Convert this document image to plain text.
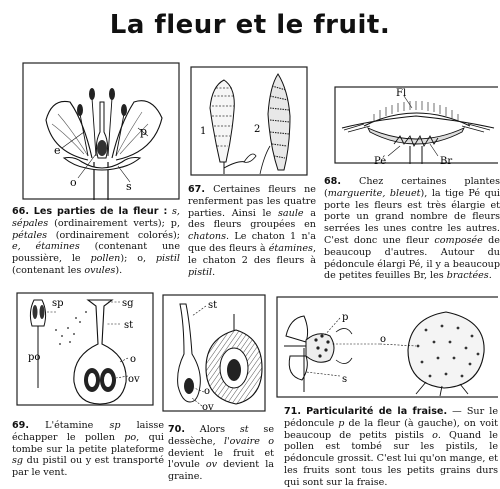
La fleur et le fruit.
p
e
o	s
66. Les parties de la fleur : s, sépales (ordinairement verts); p, pétales (ordinairement colorés); e, étamines (contenant une poussière, le pollen); o, pistil (contenant les ovules).
1	2
67. Certaines fleurs ne renferment pas les quatre parties. Ainsi le saule a des fleurs groupées en chatons. Le chaton 1 n'a que des fleurs à étamines, le chaton 2 des fleurs à pistil.
Fl
Pé	Br
68. Chez certaines plantes (marguerite, bleuet), la tige Pé qui porte les fleurs est très élargie et porte un grand nombre de fleurs serrées les unes contre les autres. C'est donc une fleur composée de beaucoup d'autres. Autour du pédoncule élargi Pé, il y a beaucoup de petites feuilles Br, les bractées.
sp
po
sg
st
o
ov
69. L'étamine sp laisse échapper le pollen po, qui tombe sur la petite plateforme sg du pistil ou y est transporté par le vent.
st
o
ov
70. Alors st se dessèche, l'ovaire o devient le fruit et l'ovule ov devient la graine.
p
o
s
71. Particularité de la fraise. — Sur le pédoncule p de la fleur (à gauche), on voit beaucoup de petits pistils o. Quand le pollen est tombé sur les pistils, le pédoncule grossit. C'est lui qu'on mange, et les fruits sont tous les petits grains durs qui sont sur la fraise.
